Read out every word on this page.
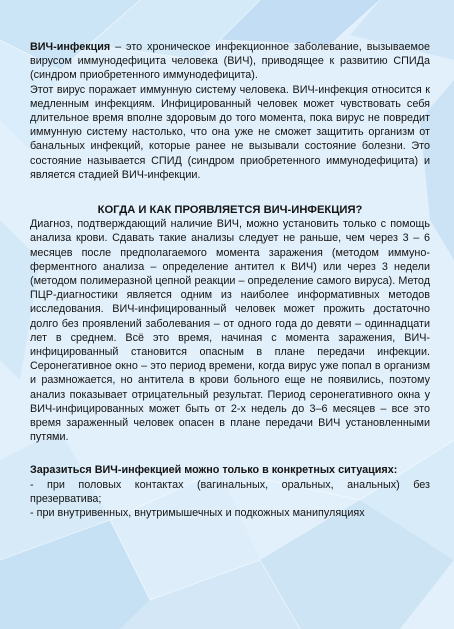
ВИЧ-инфекция – это хроническое инфекционное заболевание, вызываемое вирусом иммунодефицита человека (ВИЧ), приводящее к развитию СПИДа (синдром приобретенного иммунодефицита).

Этот вирус поражает иммунную систему человека. ВИЧ-инфекция относится к медленным инфекциям. Инфицированный человек может чувствовать себя длительное время вполне здоровым до того момента, пока вирус не повредит иммунную систему настолько, что она уже не сможет защитить организм от банальных инфекций, которые ранее не вызывали состояние болезни. Это состояние называется СПИД (синдром приобретенного иммунодефицита) и является стадией ВИЧ-инфекции.

КОГДА И КАК ПРОЯВЛЯЕТСЯ ВИЧ-ИНФЕКЦИЯ?

Диагноз, подтверждающий наличие ВИЧ, можно установить только с помощь анализа крови. Сдавать такие анализы следует не раньше, чем через 3 – 6 месяцев после предполагаемого момента заражения (методом иммуно-ферментного анализа – определение антител к ВИЧ) или через 3 недели (методом полимеразной цепной реакции – определение самого вируса). Метод ПЦР-диагностики является одним из наиболее информативных методов исследования. ВИЧ-инфицированный человек может прожить достаточно долго без проявлений заболевания – от одного года до девяти – одиннадцати лет в среднем. Всё это время, начиная с момента заражения, ВИЧ-инфицированный становится опасным в плане передачи инфекции. Серонегативное окно – это период времени, когда вирус уже попал в организм и размножается, но антитела в крови больного еще не появились, поэтому анализ показывает отрицательный результат. Период серонегативного окна у ВИЧ-инфицированных может быть от 2-х недель до 3–6 месяцев – все это время зараженный человек опасен в плане передачи ВИЧ установленными путями.

Заразиться ВИЧ-инфекцией можно только в конкретных ситуациях:

- при половых контактах (вагинальных, оральных, анальных) без презерватива;

- при внутривенных, внутримышечных и подкожных манипуляциях
